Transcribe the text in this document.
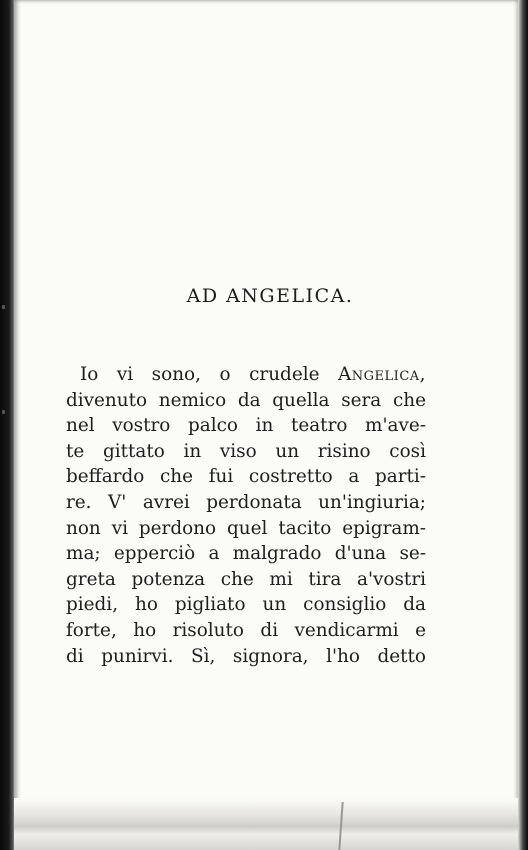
AD ANGELICA.
Io vi sono, o crudele Angelica,
divenuto nemico da quella sera che
nel vostro palco in teatro m'ave-
te gittato in viso un risino così
beffardo che fui costretto a parti-
re. V' avrei perdonata un'ingiuria;
non vi perdono quel tacito epigram-
ma; epperciò a malgrado d'una se-
greta potenza che mi tira a'vostri
piedi, ho pigliato un consiglio da
forte, ho risoluto di vendicarmi e
di punirvi. Sì, signora, l'ho detto
